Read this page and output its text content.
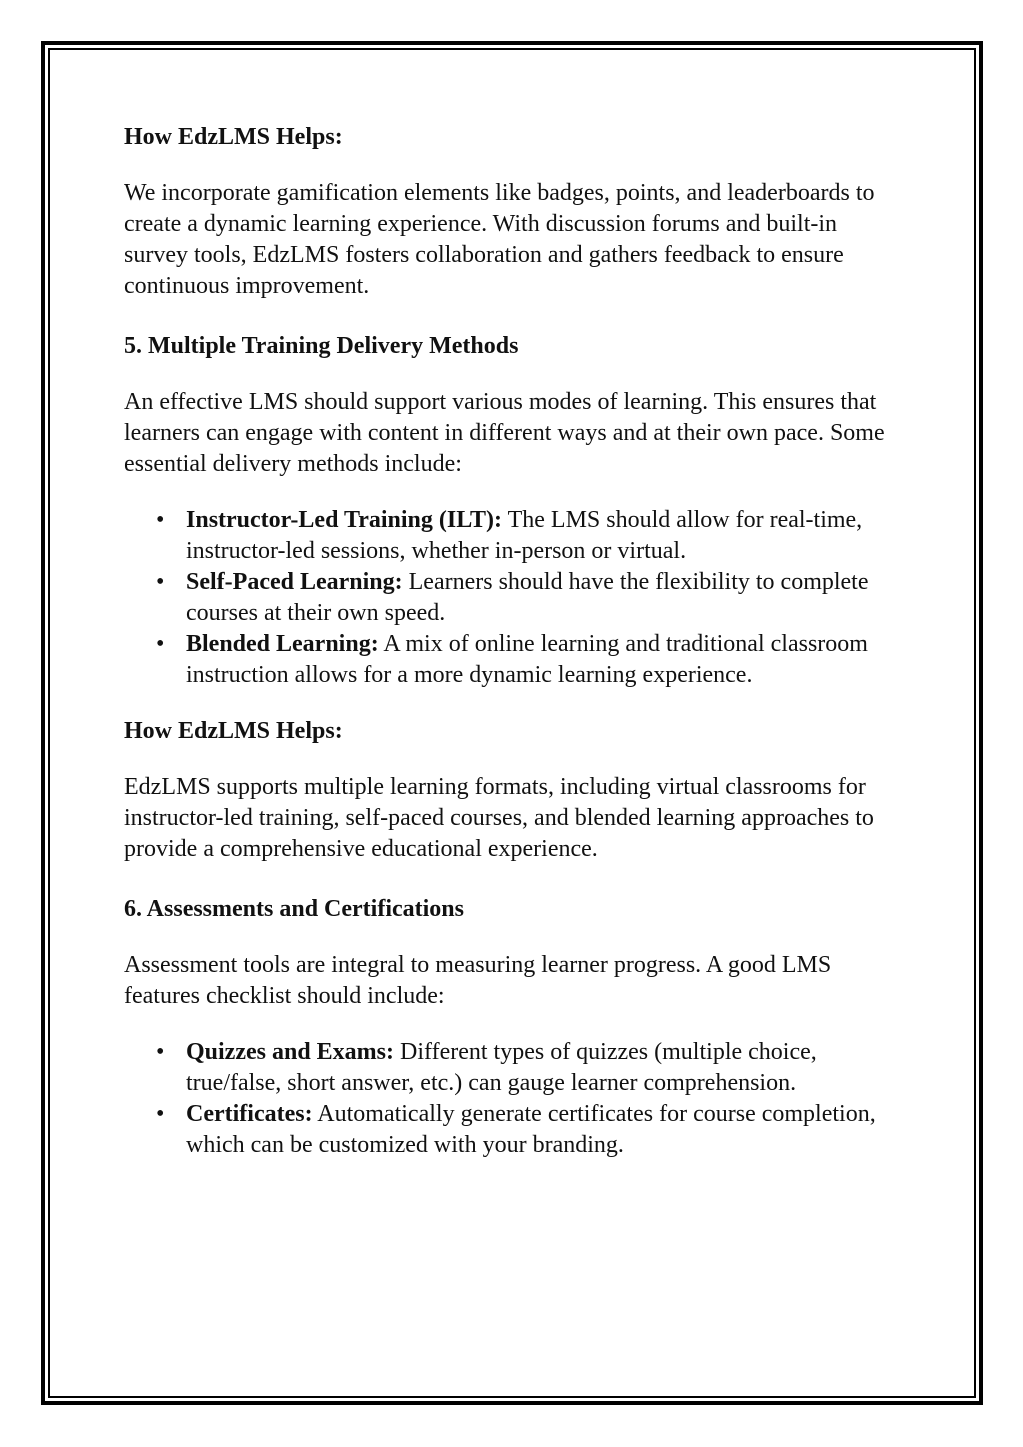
How EdzLMS Helps:

We incorporate gamification elements like badges, points, and leaderboards to create a dynamic learning experience. With discussion forums and built-in survey tools, EdzLMS fosters collaboration and gathers feedback to ensure continuous improvement.

5. Multiple Training Delivery Methods

An effective LMS should support various modes of learning. This ensures that learners can engage with content in different ways and at their own pace. Some essential delivery methods include:

• Instructor-Led Training (ILT): The LMS should allow for real-time, instructor-led sessions, whether in-person or virtual.
• Self-Paced Learning: Learners should have the flexibility to complete courses at their own speed.
• Blended Learning: A mix of online learning and traditional classroom instruction allows for a more dynamic learning experience.
How EdzLMS Helps:

EdzLMS supports multiple learning formats, including virtual classrooms for instructor-led training, self-paced courses, and blended learning approaches to provide a comprehensive educational experience.

6. Assessments and Certifications

Assessment tools are integral to measuring learner progress. A good LMS features checklist should include:

• Quizzes and Exams: Different types of quizzes (multiple choice, true/false, short answer, etc.) can gauge learner comprehension.
• Certificates: Automatically generate certificates for course completion, which can be customized with your branding.
